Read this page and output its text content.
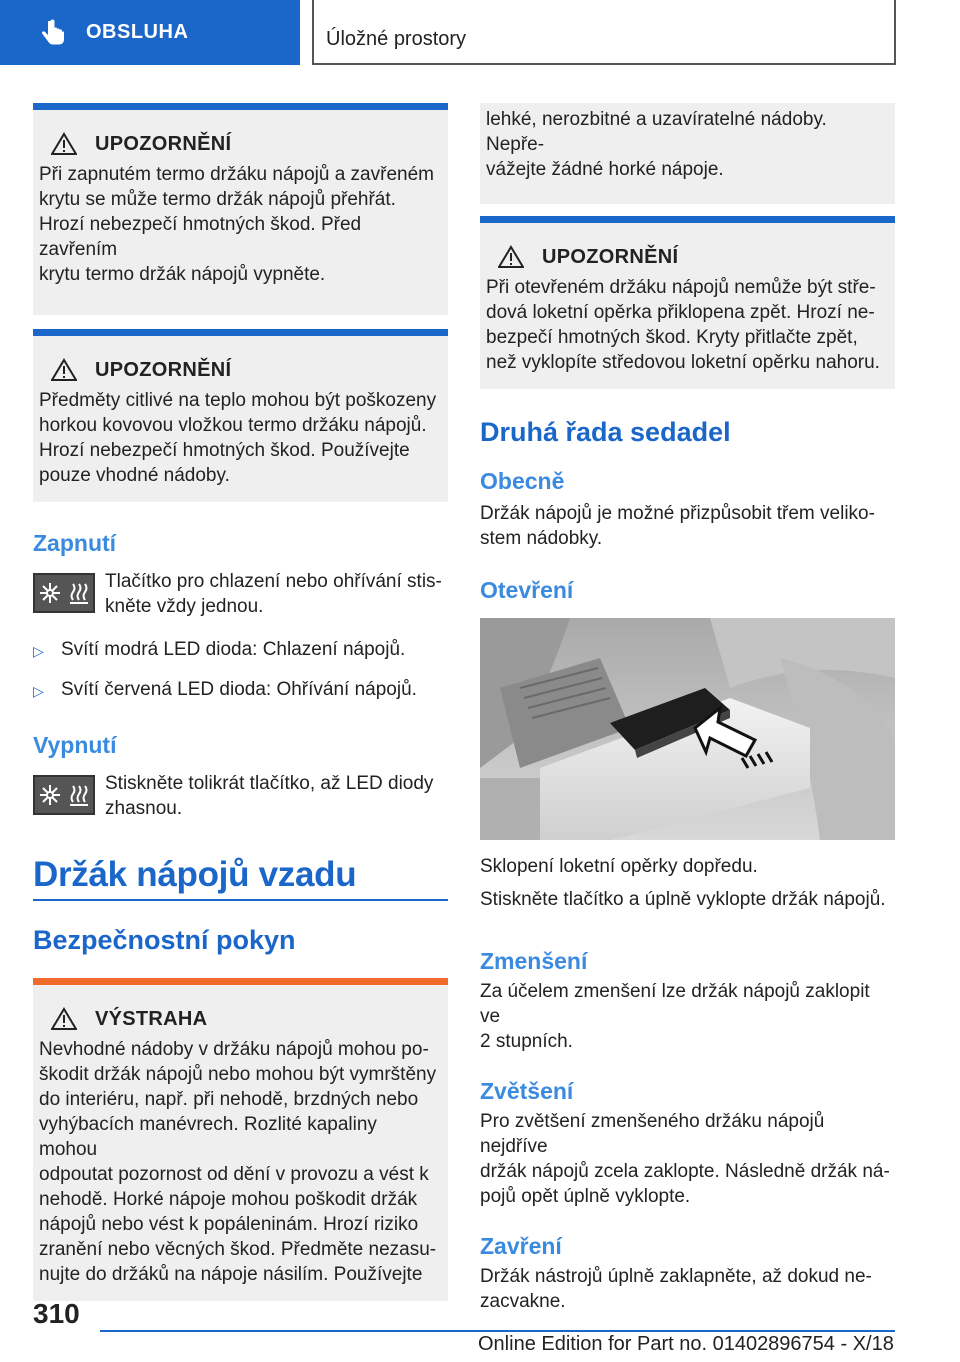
OBSLUHA	Úložné prostory
UPOZORNĚNÍ

Při zapnutém termo držáku nápojů a zavřeném

krytu se může termo držák nápojů přehřát.

Hrozí nebezpečí hmotných škod. Před zavřením

krytu termo držák nápojů vypněte.

UPOZORNĚNÍ

Předměty citlivé na teplo mohou být poškozeny

horkou kovovou vložkou termo držáku nápojů.

Hrozí nebezpečí hmotných škod. Používejte

pouze vhodné nádoby.

Zapnutí

Tlačítko pro chlazení nebo ohřívání stis-

kněte vždy jednou.

▷ Svítí modrá LED dioda: Chlazení nápojů.
▷ Svítí červená LED dioda: Ohřívání nápojů.
Vypnutí

Stiskněte tolikrát tlačítko, až LED diody

zhasnou.

Držák nápojů vzadu
Bezpečnostní pokyn
VÝSTRAHA

Nevhodné nádoby v držáku nápojů mohou po-

škodit držák nápojů nebo mohou být vymrštěny

do interiéru, např. při nehodě, brzdných nebo

vyhýbacích manévrech. Rozlité kapaliny mohou

odpoutat pozornost od dění v provozu a vést k

nehodě. Horké nápoje mohou poškodit držák

nápojů nebo vést k popáleninám. Hrozí riziko

zranění nebo věcných škod. Předměte nezasu-

nujte do držáků na nápoje násilím. Používejte

lehké, nerozbitné a uzavíratelné nádoby. Nepře-

vážejte žádné horké nápoje.

UPOZORNĚNÍ

Při otevřeném držáku nápojů nemůže být stře-

dová loketní opěrka přiklopena zpět. Hrozí ne-

bezpečí hmotných škod. Kryty přitlačte zpět,

než vyklopíte středovou loketní opěrku nahoru.

Druhá řada sedadel
Obecně

Držák nápojů je možné přizpůsobit třem veliko-

stem nádobky.

Otevření

Sklopení loketní opěrky dopředu.

Stiskněte tlačítko a úplně vyklopte držák nápojů.

Zmenšení

Za účelem zmenšení lze držák nápojů zaklopit ve

2 stupních.

Zvětšení

Pro zvětšení zmenšeného držáku nápojů nejdříve

držák nápojů zcela zaklopte. Následně držák ná-

pojů opět úplně vyklopte.

Zavření

Držák nástrojů úplně zaklapněte, až dokud ne-

zacvakne.

310
Online Edition for Part no. 01402896754 - X/18
